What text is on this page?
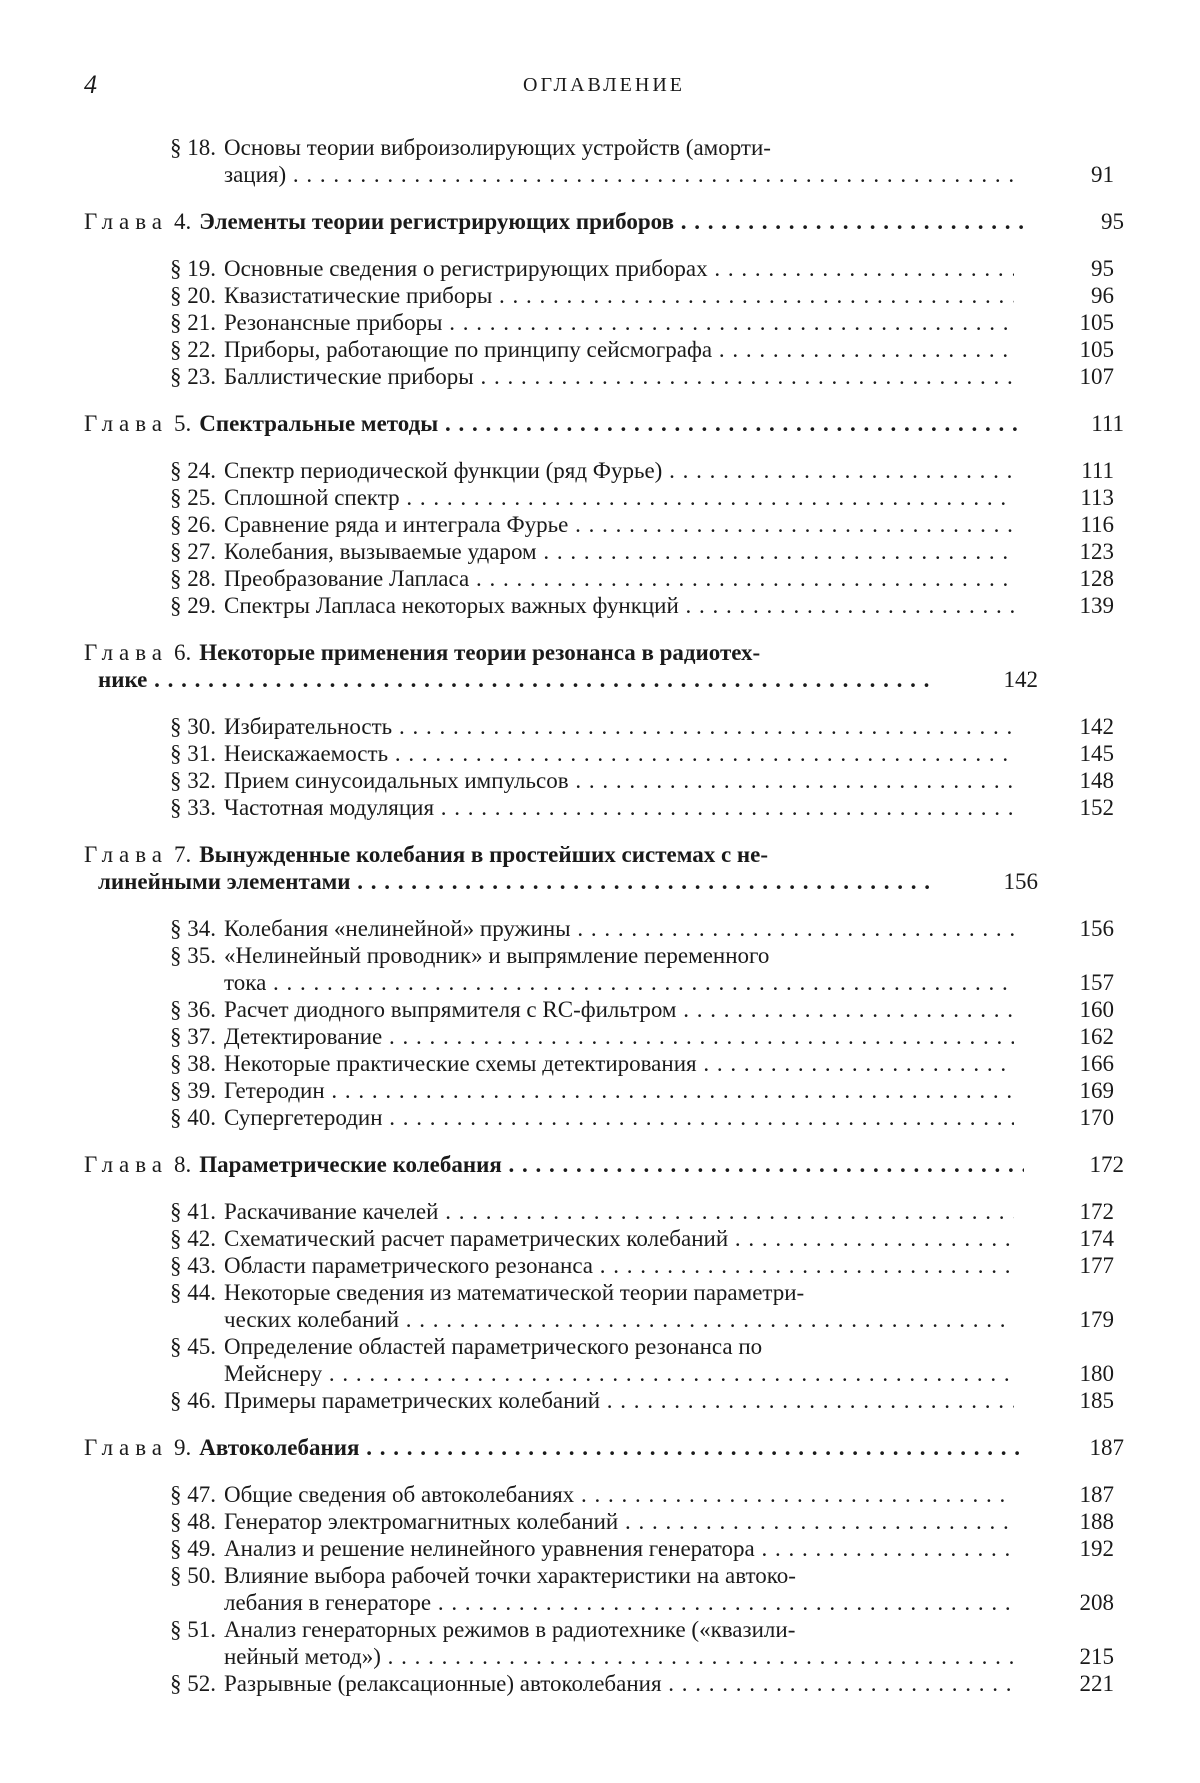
4	ОГЛАВЛЕНИЕ
§ 18. Основы теории виброизолирующих устройств (аморти-
зация) . . .	91
Глава 4. Элементы теории регистрирующих приборов . . .	95
§ 19. Основные сведения о регистрирующих приборах . . .	95
§ 20. Квазистатические приборы . . .	96
§ 21. Резонансные приборы . . .	105
§ 22. Приборы, работающие по принципу сейсмографа . . .	105
§ 23. Баллистические приборы . . .	107
Глава 5. Спектральные методы . . .	111
§ 24. Спектр периодической функции (ряд Фурье) . . .	111
§ 25. Сплошной спектр . . .	113
§ 26. Сравнение ряда и интеграла Фурье . . .	116
§ 27. Колебания, вызываемые ударом . . .	123
§ 28. Преобразование Лапласа . . .	128
§ 29. Спектры Лапласа некоторых важных функций . . .	139
Глава 6. Некоторые применения теории резонанса в радиотех-
нике . . .	142
§ 30. Избирательность . . .	142
§ 31. Неискажаемость . . .	145
§ 32. Прием синусоидальных импульсов . . .	148
§ 33. Частотная модуляция . . .	152
Глава 7. Вынужденные колебания в простейших системах с не-
линейными элементами . . .	156
§ 34. Колебания «нелинейной» пружины . . .	156
§ 35. «Нелинейный проводник» и выпрямление переменного
тока . . .	157
§ 36. Расчет диодного выпрямителя с RC-фильтром . . .	160
§ 37. Детектирование . . .	162
§ 38. Некоторые практические схемы детектирования . . .	166
§ 39. Гетеродин . . .	169
§ 40. Супергетеродин . . .	170
Глава 8. Параметрические колебания . . .	172
§ 41. Раскачивание качелей . . .	172
§ 42. Схематический расчет параметрических колебаний . . .	174
§ 43. Области параметрического резонанса . . .	177
§ 44. Некоторые сведения из математической теории параметри-
ческих колебаний . . .	179
§ 45. Определение областей параметрического резонанса по
Мейснеру . . .	180
§ 46. Примеры параметрических колебаний . . .	185
Глава 9. Автоколебания . . .	187
§ 47. Общие сведения об автоколебаниях . . .	187
§ 48. Генератор электромагнитных колебаний . . .	188
§ 49. Анализ и решение нелинейного уравнения генератора . . .	192
§ 50. Влияние выбора рабочей точки характеристики на автоко-
лебания в генераторе . . .	208
§ 51. Анализ генераторных режимов в радиотехнике («квазили-
нейный метод») . . .	215
§ 52. Разрывные (релаксационные) автоколебания . . .	221
